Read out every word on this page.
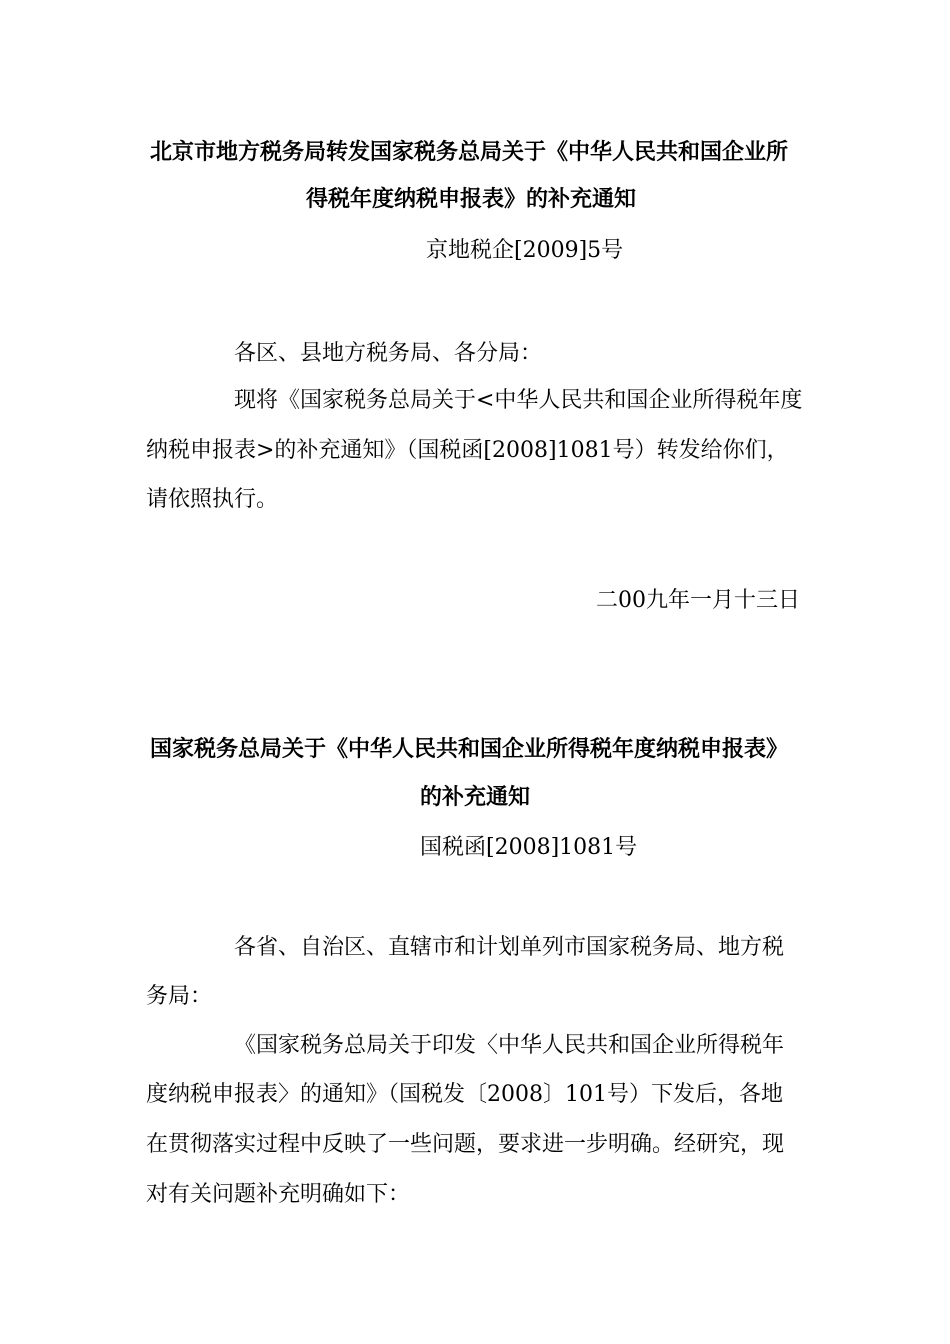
北京市地方税务局转发国家税务总局关于《中华人民共和国企业所
得税年度纳税申报表》的补充通知
京地税企[2009]5号
各区、县地方税务局、各分局：
现将《国家税务总局关于<中华人民共和国企业所得税年度
纳税申报表>的补充通知》（国税函[2008]1081号）转发给你们，
请依照执行。
二00九年一月十三日
国家税务总局关于《中华人民共和国企业所得税年度纳税申报表》
的补充通知
国税函[2008]1081号
各省、自治区、直辖市和计划单列市国家税务局、地方税
务局：
《国家税务总局关于印发〈中华人民共和国企业所得税年
度纳税申报表〉的通知》（国税发〔2008〕101号）下发后，各地
在贯彻落实过程中反映了一些问题，要求进一步明确。经研究，现
对有关问题补充明确如下：
